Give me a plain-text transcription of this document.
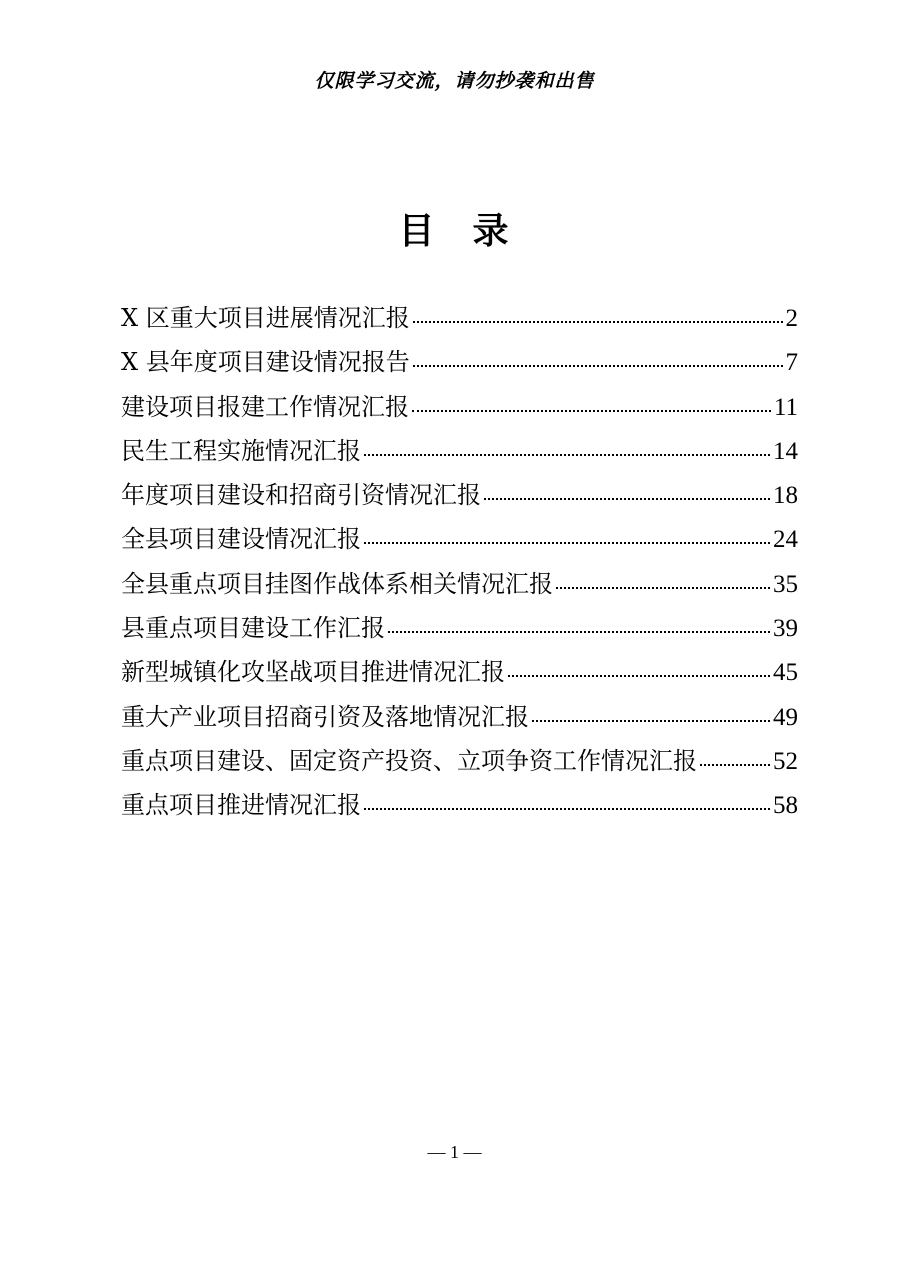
仅限学习交流，请勿抄袭和出售
目 录
X 区重大项目进展情况汇报	2
X 县年度项目建设情况报告	7
建设项目报建工作情况汇报	11
民生工程实施情况汇报	14
年度项目建设和招商引资情况汇报	18
全县项目建设情况汇报	24
全县重点项目挂图作战体系相关情况汇报	35
县重点项目建设工作汇报	39
新型城镇化攻坚战项目推进情况汇报	45
重大产业项目招商引资及落地情况汇报	49
重点项目建设、固定资产投资、立项争资工作情况汇报	52
重点项目推进情况汇报	58
— 1 —
